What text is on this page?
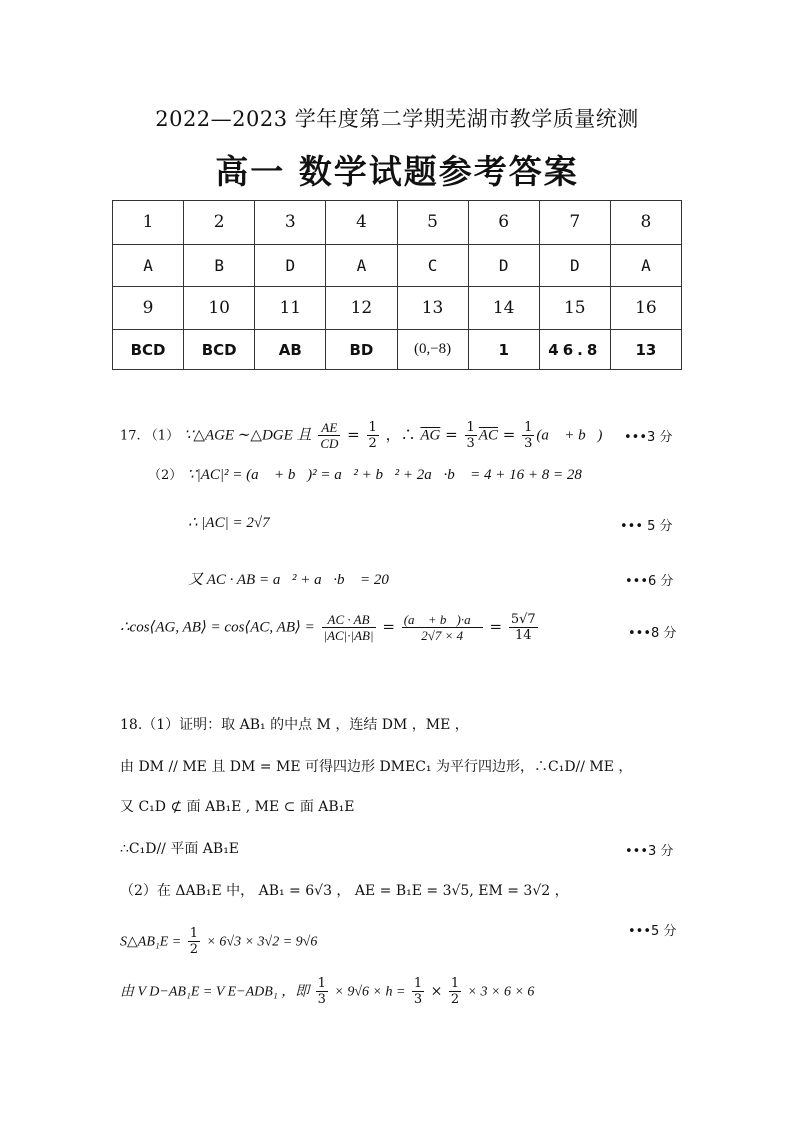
2022—2023 学年度第二学期芜湖市教学质量统测
高一 数学试题参考答案
1	2	3	4	5	6	7	8
A	B	D	A	C	D	D	A
9	10	11	12	13	14	15	16
BCD	BCD	AB	BD	(0,−8)	1	46.8	13
17. （1） ∵△AGE ∼△DGE 且 $\frac{AE}{CD} = \frac{1}{2}$ ，∴ $\overline{AG} = \frac{1}{3} \overline{AC} = \frac{1}{3}$ (a⃗ + b⃗) •••3 分
（2） ∵|AC|² = (a⃗ + b⃗)² = a⃗² + b⃗² + 2a⃗·b⃗ = 4 + 16 + 8 = 28，
∴ |AC| = 2√7	••• 5 分
又 AC · AB = a⃗² + a⃗·b⃗ = 20	•••6 分
∴cos⟨AG, AB⟩ = cos⟨AC, AB⟩ = $\frac{AC \cdot AB}{|AC|\cdot|AB|} = \frac{(a⃗ + b⃗)\cdot a⃗}{2√7 \times 4} = \frac{5√7}{14}$	•••8 分
18.（1）证明：取 AB₁ 的中点 M ，连结 DM ，ME ，
由 DM // ME 且 DM = ME 可得四边形 DMEC₁ 为平行四边形，∴C₁D// ME ，
又 C₁D ⊄ 面 AB₁E , ME ⊂ 面 AB₁E
∴C₁D// 平面 AB₁E	•••3 分
（2）在 ΔAB₁E 中， AB₁ = 6√3 ， AE = B₁E = 3√5, EM = 3√2 ，
•••5 分
S△AB₁E = $\frac{1}{2} \times 6√3 \times 3√2 = 9√6$
由 V D−AB₁E = V E−ADB₁ ，即 $\frac{1}{3} \times 9√6 \times h = \frac{1}{3} \times \frac{1}{2} \times 3 \times 6 \times 6$
